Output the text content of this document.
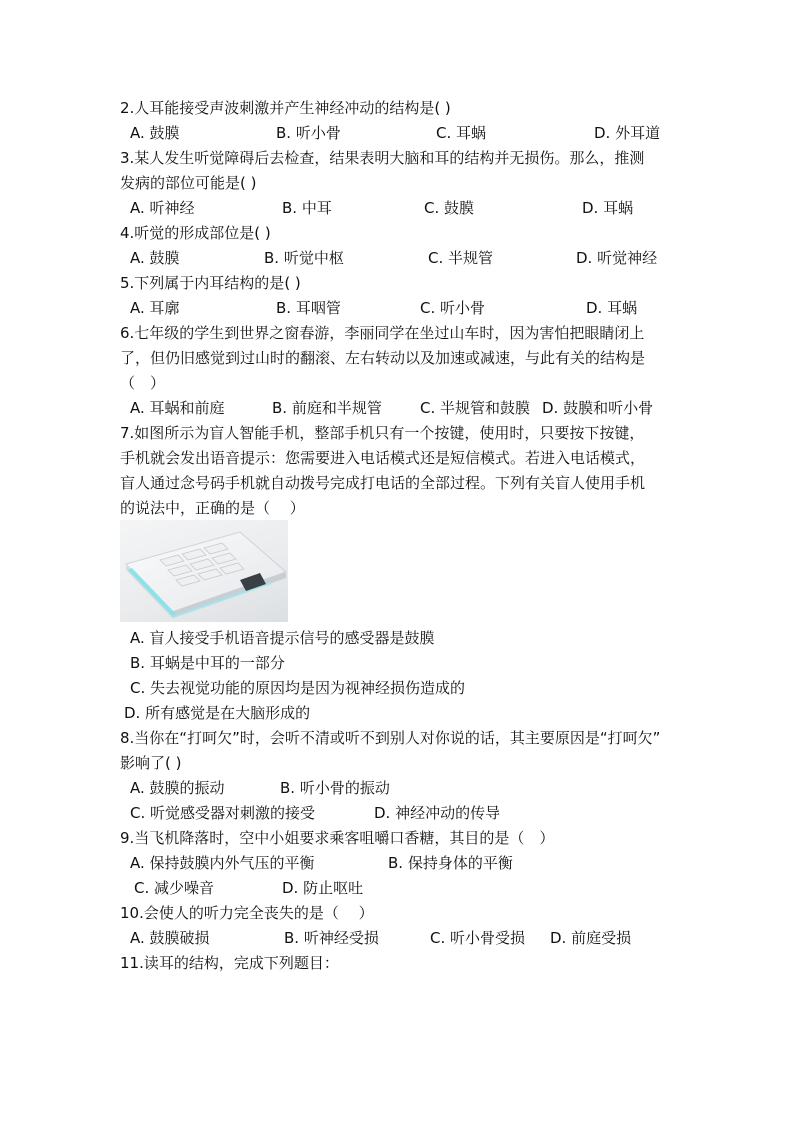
2.人耳能接受声波刺激并产生神经冲动的结构是( )
A. 鼓膜	B. 听小骨	C. 耳蜗	D. 外耳道
3.某人发生听觉障碍后去检查，结果表明大脑和耳的结构并无损伤。那么，推测
发病的部位可能是( )
A. 听神经	B. 中耳	C. 鼓膜	D. 耳蜗
4.听觉的形成部位是( )
A. 鼓膜	B. 听觉中枢	C. 半规管	D. 听觉神经
5.下列属于内耳结构的是( )
A. 耳廓	B. 耳咽管	C. 听小骨	D. 耳蜗
6.七年级的学生到世界之窗春游，李丽同学在坐过山车时，因为害怕把眼睛闭上
了，但仍旧感觉到过山时的翻滚、左右转动以及加速或减速，与此有关的结构是
（　）
A. 耳蜗和前庭	B. 前庭和半规管	C. 半规管和鼓膜 D. 鼓膜和听小骨
7.如图所示为盲人智能手机，整部手机只有一个按键，使用时，只要按下按键，
手机就会发出语音提示：您需要进入电话模式还是短信模式。若进入电话模式，
盲人通过念号码手机就自动拨号完成打电话的全部过程。下列有关盲人使用手机
的说法中，正确的是（　 ）
A. 盲人接受手机语音提示信号的感受器是鼓膜
B. 耳蜗是中耳的一部分
C. 失去视觉功能的原因均是因为视神经损伤造成的
D. 所有感觉是在大脑形成的
8.当你在“打呵欠”时，会听不清或听不到别人对你说的话，其主要原因是“打呵欠”
影响了( )
A. 鼓膜的振动	B. 听小骨的振动
C. 听觉感受器对刺激的接受	D. 神经冲动的传导
9.当飞机降落时，空中小姐要求乘客咀嚼口香糖，其目的是（　）
A. 保持鼓膜内外气压的平衡	B. 保持身体的平衡
C. 减少噪音	D. 防止呕吐
10.会使人的听力完全丧失的是（　 ）
A. 鼓膜破损	B. 听神经受损	C. 听小骨受损 D. 前庭受损
11.读耳的结构，完成下列题目：
